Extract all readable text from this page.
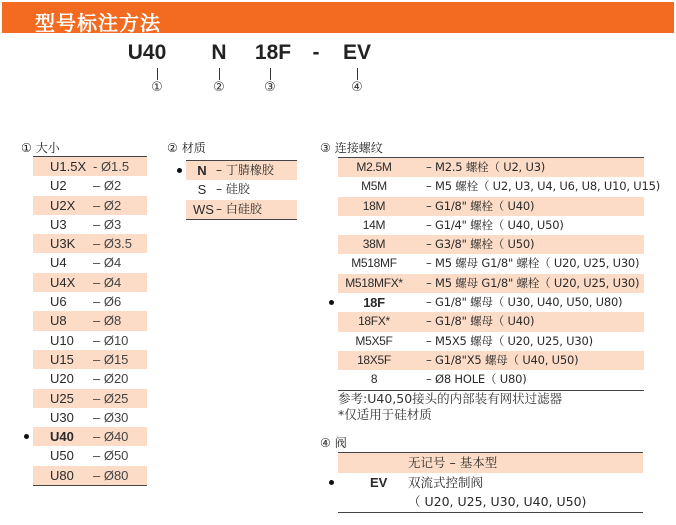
型号标注方法
U40 N 18F - EV
①	②	③	④
① 大小
U1.5X - Ø1.5
U2 – Ø2
U2X – Ø2
U3 – Ø3
U3K – Ø3.5
U4 – Ø4
U4X – Ø4
U6 – Ø6
U8 – Ø8
U10 – Ø10
U15 – Ø15
U20 – Ø20
U25 – Ø25
U30 – Ø30
U40 – Ø40
U50 – Ø50
U80 – Ø80
② 材质
N – 丁腈橡胶
S – 硅胶
WS – 白硅胶
③ 连接螺纹
M2.5M	– M2.5 螺栓（ U2, U3)
M5M	– M5 螺栓（ U2, U3, U4, U6, U8, U10, U15)
18M	– G1/8" 螺栓（ U40)
14M	– G1/4" 螺栓（ U40, U50)
38M	– G3/8" 螺栓（ U50)
M518MF	– M5 螺母 G1/8" 螺栓（ U20, U25, U30)
M518MFX*	– M5 螺母 G1/8" 螺栓（ U20, U25, U30)
18F	– G1/8" 螺母（ U30, U40, U50, U80)
18FX*	– G1/8" 螺母（ U40)
M5X5F	– M5X5 螺母（ U20, U25, U30)
18X5F	– G1/8"X5 螺母（ U40, U50)
8	– Ø8 HOLE（ U80)
参考:U40,50接头的内部装有网状过滤器
*仅适用于硅材质
④ 阀
无记号 – 基本型
EV 双流式控制阀
（ U20, U25, U30, U40, U50)
